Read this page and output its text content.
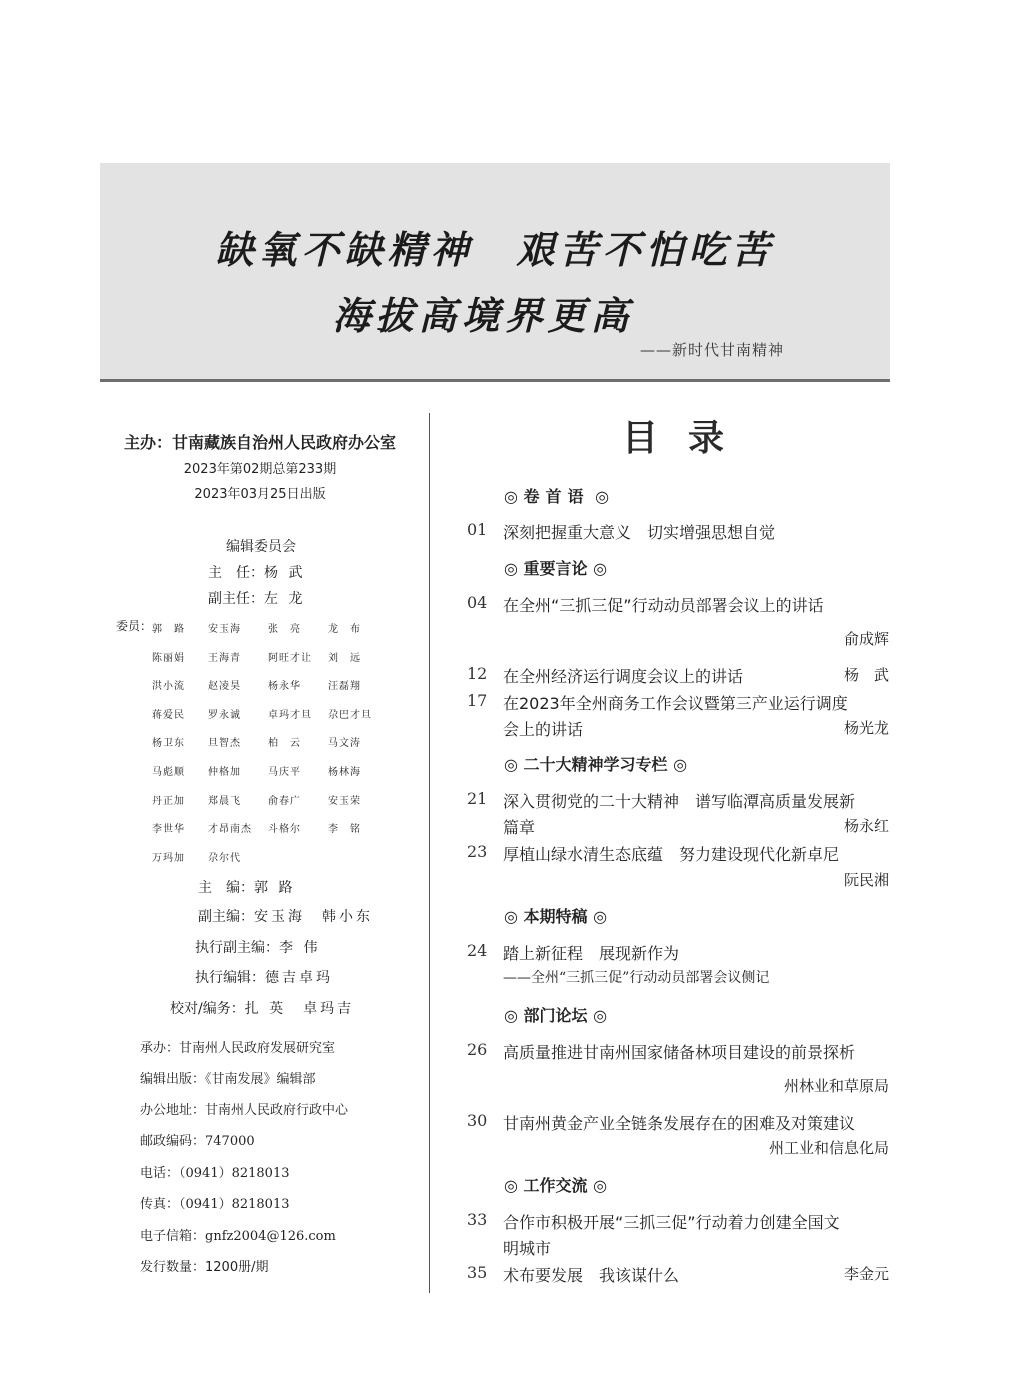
缺氧不缺精神　艰苦不怕吃苦
海拔高境界更高
——新时代甘南精神
主办：甘南藏族自治州人民政府办公室
2023年第02期总第233期
2023年03月25日出版
编辑委员会
主　任：杨 武
副主任：左 龙
委员： 郭　路 安玉海	张　亮	龙　布
陈丽娟 王海青	阿旺才让 刘　远
洪小流 赵凌昊	杨永华	汪磊翔
蒋爱民 罗永诚	卓玛才旦 尕巴才旦
杨卫东 旦智杰	柏　云	马文涛
马彪顺 仲格加	马庆平	杨林海
丹正加 郑晨飞	俞春广	安玉荣
李世华 才昂南杰 斗格尔	李　铭
万玛加 尕尔代
主　编：郭 路
副主编：安玉海　韩小东
执行副主编：李 伟
执行编辑：德吉卓玛
校对/编务：扎 英　卓玛吉
承办：甘南州人民政府发展研究室
编辑出版：《甘南发展》编辑部
办公地址：甘南州人民政府行政中心
邮政编码：747000
电话：（0941）8218013
传真：（0941）8218013
电子信箱：gnfz2004@126.com
发行数量：1200册/期
目录
◎ 卷首语 ◎
01 深刻把握重大意义　切实增强思想自觉
◎ 重要言论 ◎
04 在全州“三抓三促”行动动员部署会议上的讲话
俞成辉
12 在全州经济运行调度会议上的讲话	杨　武
17 在2023年全州商务工作会议暨第三产业运行调度
会上的讲话	杨光龙
◎ 二十大精神学习专栏 ◎
21 深入贯彻党的二十大精神　谱写临潭高质量发展新
篇章	杨永红
23 厚植山绿水清生态底蕴　努力建设现代化新卓尼
阮民湘
◎ 本期特稿 ◎
24 踏上新征程　展现新作为
——全州“三抓三促”行动动员部署会议侧记
◎ 部门论坛 ◎
26 高质量推进甘南州国家储备林项目建设的前景探析
州林业和草原局
30 甘南州黄金产业全链条发展存在的困难及对策建议
州工业和信息化局
◎ 工作交流 ◎
33 合作市积极开展“三抓三促”行动着力创建全国文
明城市
35 术布要发展　我该谋什么	李金元
